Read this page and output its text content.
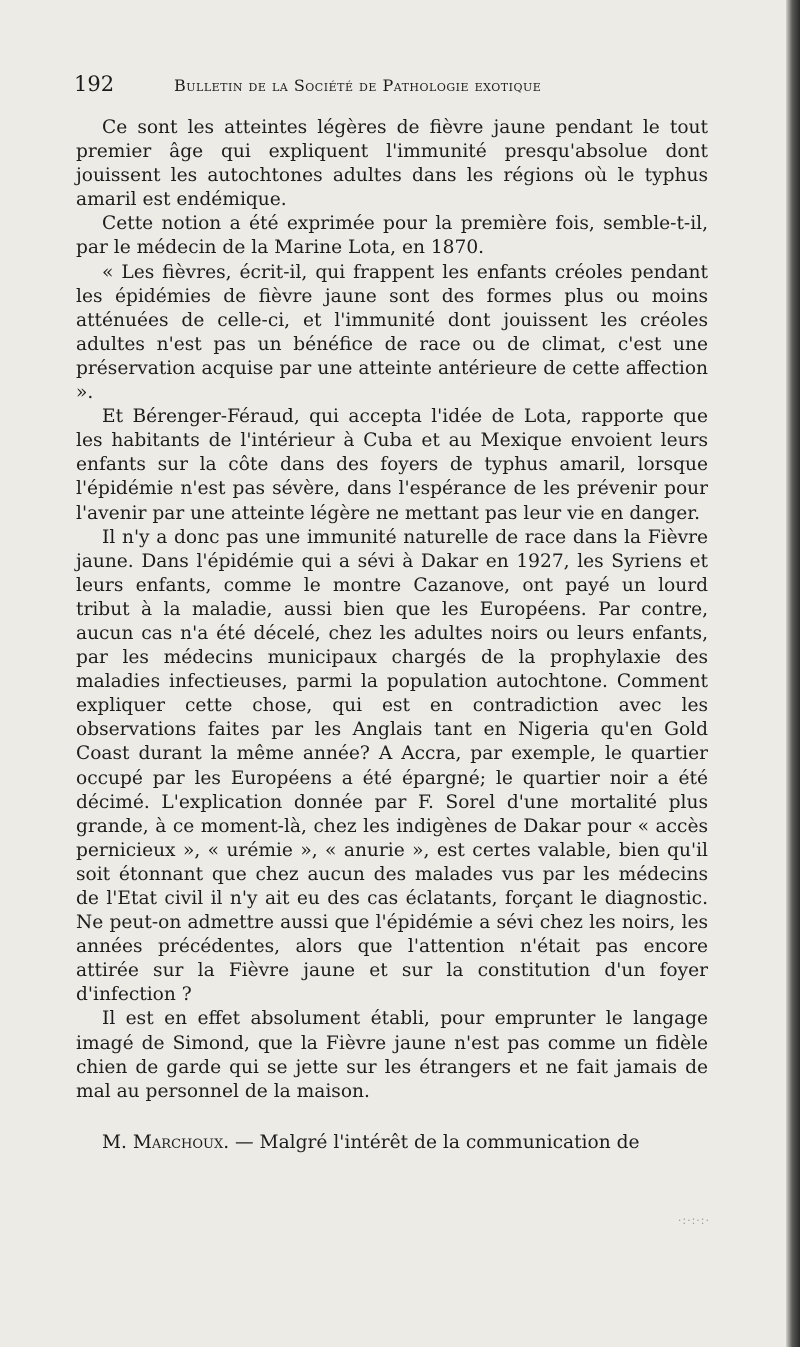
192	Bulletin de la Société de Pathologie exotique

Ce sont les atteintes légères de fièvre jaune pendant le tout premier âge qui expliquent l'immunité presqu'absolue dont jouissent les autochtones adultes dans les régions où le typhus amaril est endémique.

Cette notion a été exprimée pour la première fois, semble-t-il, par le médecin de la Marine Lota, en 1870.

« Les fièvres, écrit-il, qui frappent les enfants créoles pendant les épidémies de fièvre jaune sont des formes plus ou moins atténuées de celle-ci, et l'immunité dont jouissent les créoles adultes n'est pas un bénéfice de race ou de climat, c'est une préservation acquise par une atteinte antérieure de cette affection ».

Et Bérenger-Féraud, qui accepta l'idée de Lota, rapporte que les habitants de l'intérieur à Cuba et au Mexique envoient leurs enfants sur la côte dans des foyers de typhus amaril, lorsque l'épidémie n'est pas sévère, dans l'espérance de les prévenir pour l'avenir par une atteinte légère ne mettant pas leur vie en danger.

Il n'y a donc pas une immunité naturelle de race dans la Fièvre jaune. Dans l'épidémie qui a sévi à Dakar en 1927, les Syriens et leurs enfants, comme le montre Cazanove, ont payé un lourd tribut à la maladie, aussi bien que les Européens. Par contre, aucun cas n'a été décelé, chez les adultes noirs ou leurs enfants, par les médecins municipaux chargés de la prophylaxie des maladies infectieuses, parmi la population autochtone. Comment expliquer cette chose, qui est en contradiction avec les observations faites par les Anglais tant en Nigeria qu'en Gold Coast durant la même année? A Accra, par exemple, le quartier occupé par les Européens a été épargné; le quartier noir a été décimé. L'explication donnée par F. Sorel d'une mortalité plus grande, à ce moment-là, chez les indigènes de Dakar pour « accès pernicieux », « urémie », « anurie », est certes valable, bien qu'il soit étonnant que chez aucun des malades vus par les médecins de l'Etat civil il n'y ait eu des cas éclatants, forçant le diagnostic. Ne peut-on admettre aussi que l'épidémie a sévi chez les noirs, les années précédentes, alors que l'attention n'était pas encore attirée sur la Fièvre jaune et sur la constitution d'un foyer d'infection ?

Il est en effet absolument établi, pour emprunter le langage imagé de Simond, que la Fièvre jaune n'est pas comme un fidèle chien de garde qui se jette sur les étrangers et ne fait jamais de mal au personnel de la maison.

M. Marchoux. — Malgré l'intérêt de la communication de

·:·:·:·
